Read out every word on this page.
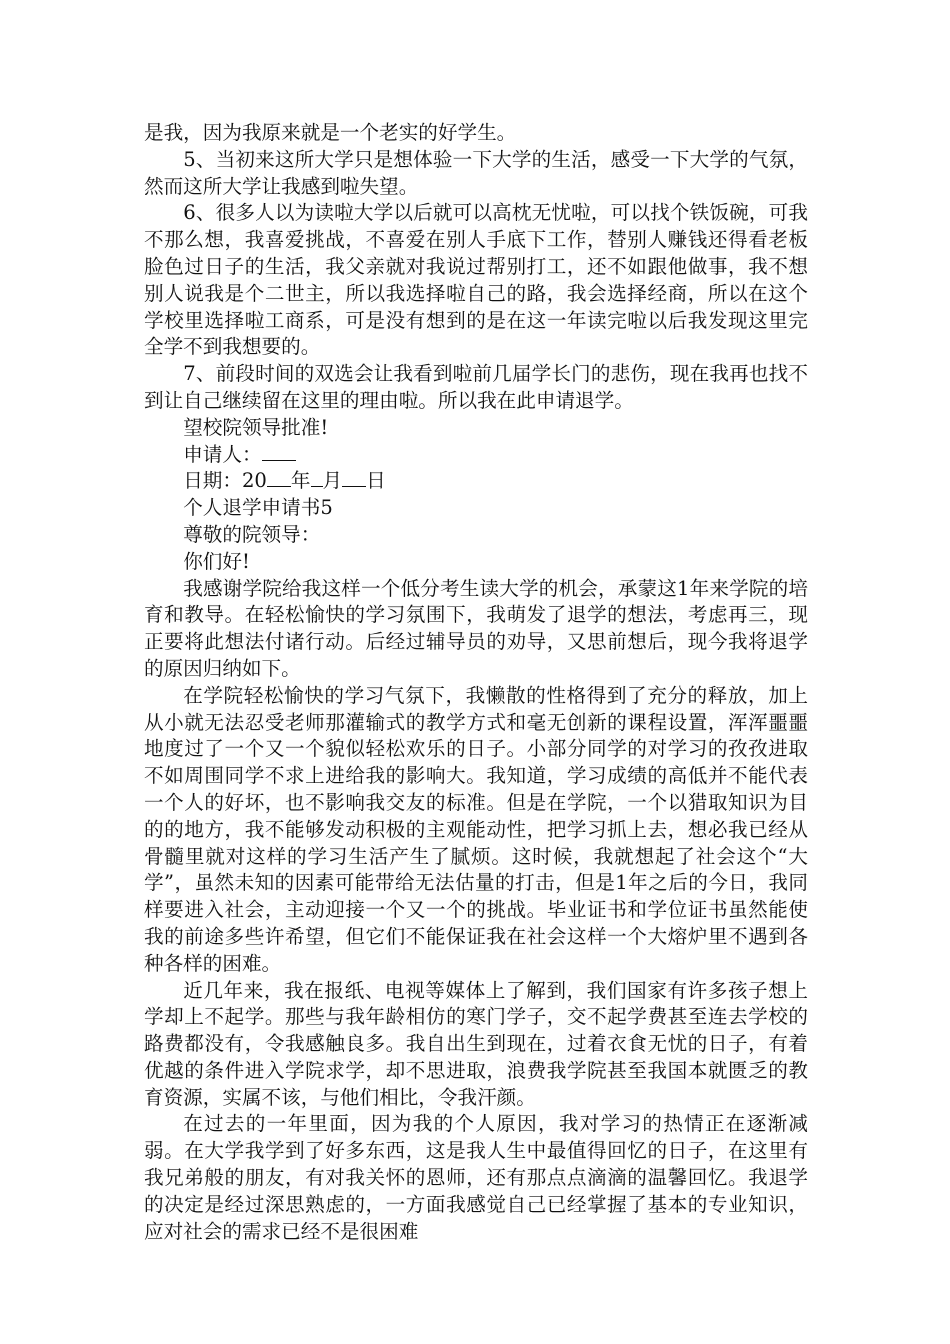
是我，因为我原来就是一个老实的好学生。

5、当初来这所大学只是想体验一下大学的生活，感受一下大学的气氛，然而这所大学让我感到啦失望。

6、很多人以为读啦大学以后就可以高枕无忧啦，可以找个铁饭碗，可我不那么想，我喜爱挑战，不喜爱在别人手底下工作，替别人赚钱还得看老板脸色过日子的生活，我父亲就对我说过帮别打工，还不如跟他做事，我不想别人说我是个二世主，所以我选择啦自己的路，我会选择经商，所以在这个学校里选择啦工商系，可是没有想到的是在这一年读完啦以后我发现这里完全学不到我想要的。

7、前段时间的双选会让我看到啦前几届学长门的悲伤，现在我再也找不到让自己继续留在这里的理由啦。所以我在此申请退学。

望校院领导批准!

申请人：

日期：20 年 月 日

个人退学申请书5

尊敬的院领导：

你们好!

我感谢学院给我这样一个低分考生读大学的机会，承蒙这1年来学院的培育和教导。在轻松愉快的学习氛围下，我萌发了退学的想法，考虑再三，现正要将此想法付诸行动。后经过辅导员的劝导，又思前想后，现今我将退学的原因归纳如下。

在学院轻松愉快的学习气氛下，我懒散的性格得到了充分的释放，加上从小就无法忍受老师那灌输式的教学方式和毫无创新的课程设置，浑浑噩噩地度过了一个又一个貌似轻松欢乐的日子。小部分同学的对学习的孜孜进取不如周围同学不求上进给我的影响大。我知道，学习成绩的高低并不能代表一个人的好坏，也不影响我交友的标准。但是在学院，一个以猎取知识为目的的地方，我不能够发动积极的主观能动性，把学习抓上去，想必我已经从骨髓里就对这样的学习生活产生了腻烦。这时候，我就想起了社会这个“大学”，虽然未知的因素可能带给无法估量的打击，但是1年之后的今日，我同样要进入社会，主动迎接一个又一个的挑战。毕业证书和学位证书虽然能使我的前途多些许希望，但它们不能保证我在社会这样一个大熔炉里不遇到各种各样的困难。

近几年来，我在报纸、电视等媒体上了解到，我们国家有许多孩子想上学却上不起学。那些与我年龄相仿的寒门学子，交不起学费甚至连去学校的路费都没有，令我感触良多。我自出生到现在，过着衣食无忧的日子，有着优越的条件进入学院求学，却不思进取，浪费我学院甚至我国本就匮乏的教育资源，实属不该，与他们相比，令我汗颜。

在过去的一年里面，因为我的个人原因，我对学习的热情正在逐渐减弱。在大学我学到了好多东西，这是我人生中最值得回忆的日子，在这里有我兄弟般的朋友，有对我关怀的恩师，还有那点点滴滴的温馨回忆。我退学的决定是经过深思熟虑的，一方面我感觉自己已经掌握了基本的专业知识，应对社会的需求已经不是很困难
